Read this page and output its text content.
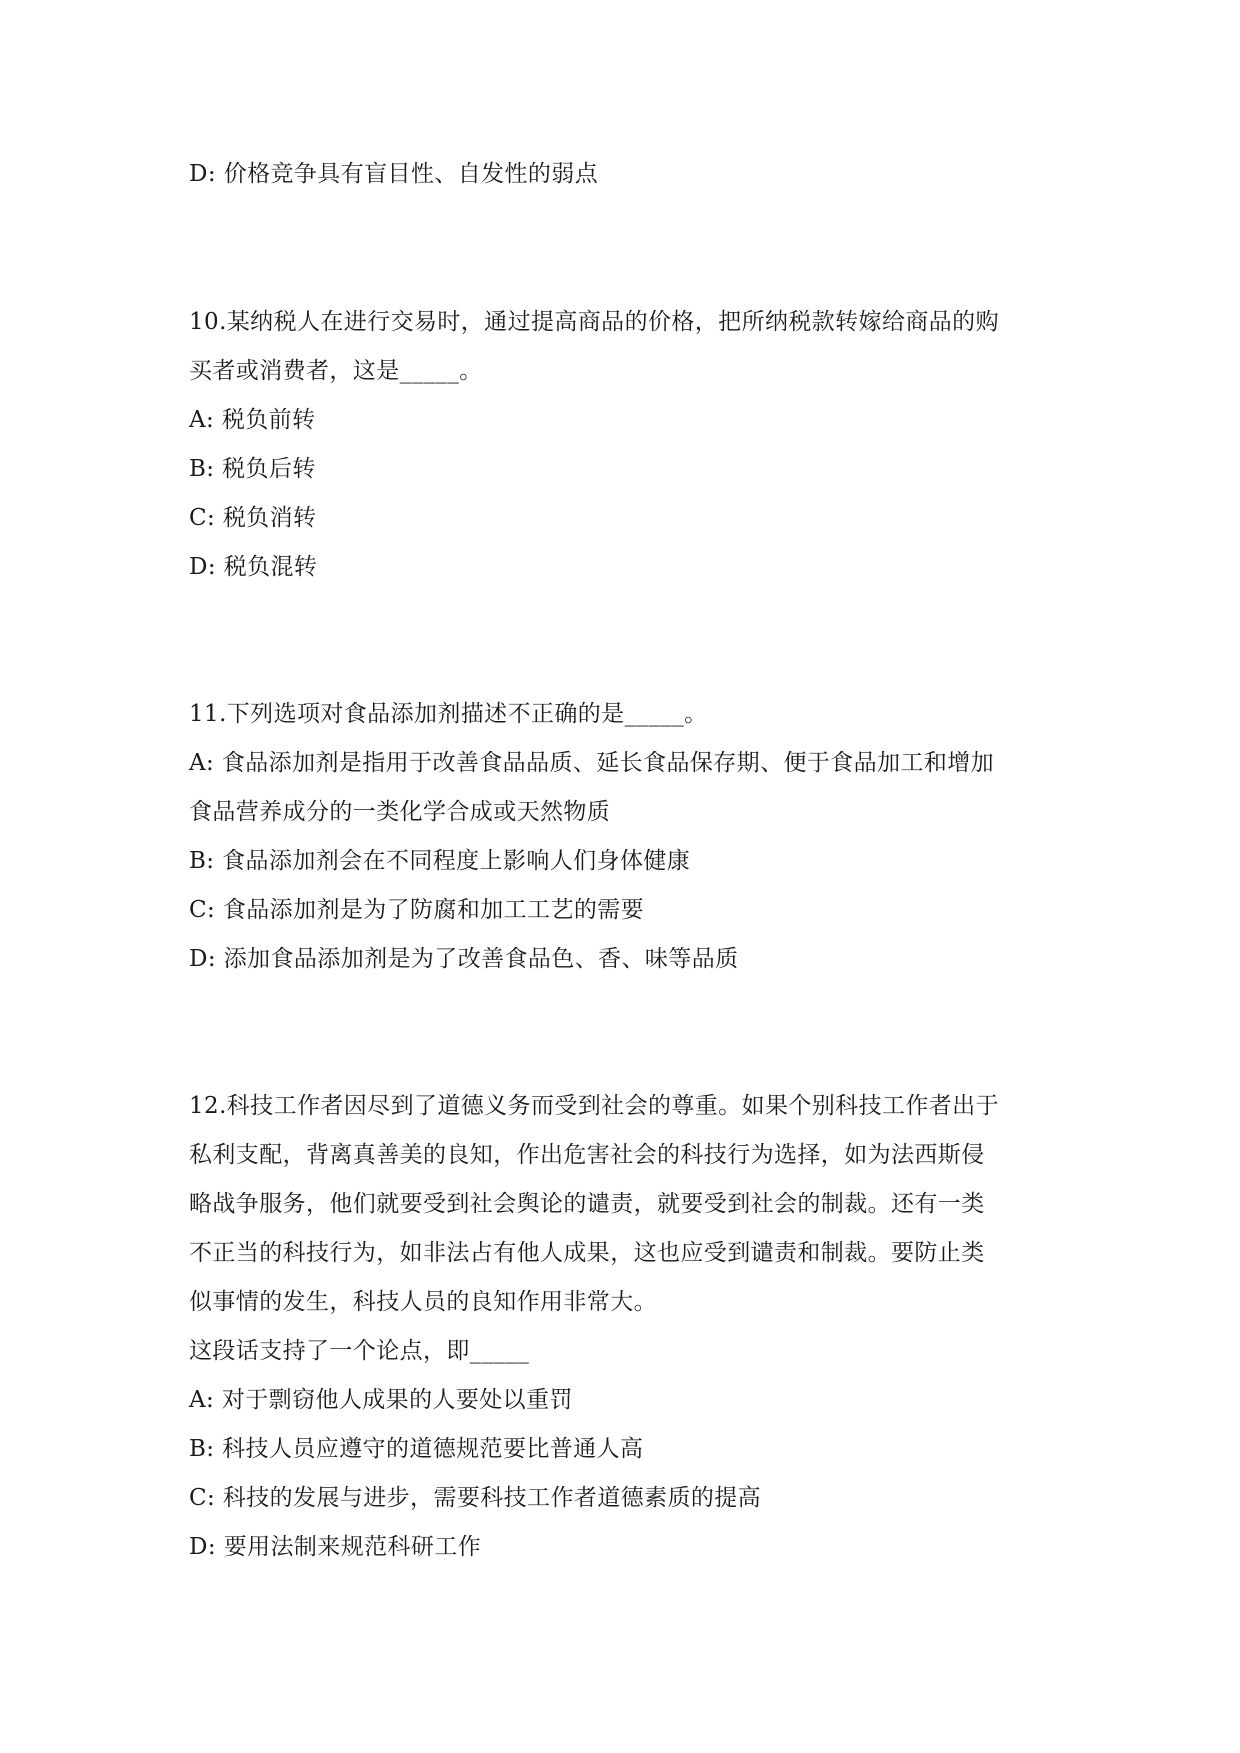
D: 价格竞争具有盲目性、自发性的弱点
10.某纳税人在进行交易时，通过提高商品的价格，把所纳税款转嫁给商品的购
买者或消费者，这是_____。
A: 税负前转
B: 税负后转
C: 税负消转
D: 税负混转
11.下列选项对食品添加剂描述不正确的是_____。
A: 食品添加剂是指用于改善食品品质、延长食品保存期、便于食品加工和增加
食品营养成分的一类化学合成或天然物质
B: 食品添加剂会在不同程度上影响人们身体健康
C: 食品添加剂是为了防腐和加工工艺的需要
D: 添加食品添加剂是为了改善食品色、香、味等品质
12.科技工作者因尽到了道德义务而受到社会的尊重。如果个别科技工作者出于
私利支配，背离真善美的良知，作出危害社会的科技行为选择，如为法西斯侵
略战争服务，他们就要受到社会舆论的谴责，就要受到社会的制裁。还有一类
不正当的科技行为，如非法占有他人成果，这也应受到谴责和制裁。要防止类
似事情的发生，科技人员的良知作用非常大。
这段话支持了一个论点，即_____
A: 对于剽窃他人成果的人要处以重罚
B: 科技人员应遵守的道德规范要比普通人高
C: 科技的发展与进步，需要科技工作者道德素质的提高
D: 要用法制来规范科研工作
